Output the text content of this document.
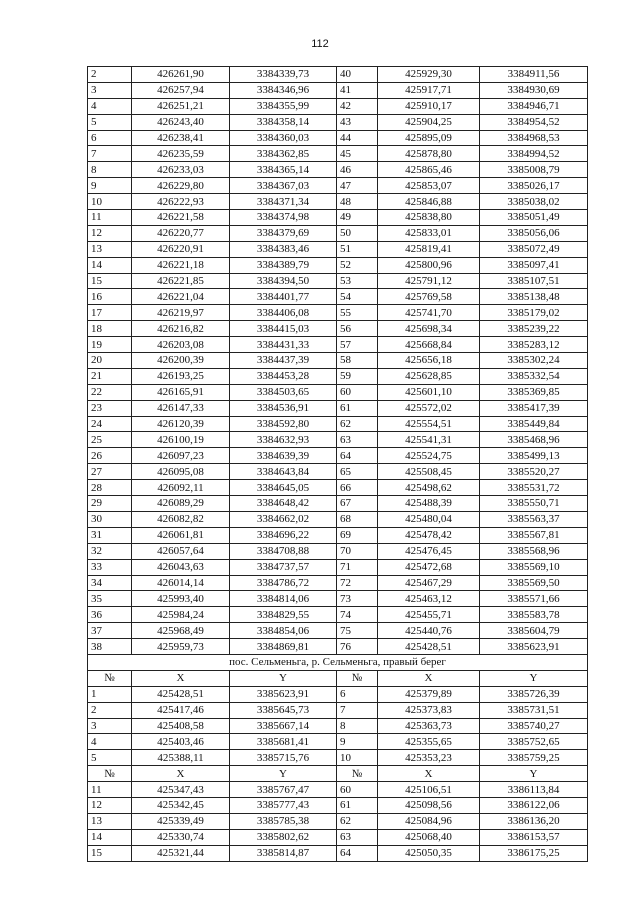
112
2	426261,90	3384339,73	40	425929,30	3384911,56
3	426257,94	3384346,96	41	425917,71	3384930,69
4	426251,21	3384355,99	42	425910,17	3384946,71
5	426243,40	3384358,14	43	425904,25	3384954,52
6	426238,41	3384360,03	44	425895,09	3384968,53
7	426235,59	3384362,85	45	425878,80	3384994,52
8	426233,03	3384365,14	46	425865,46	3385008,79
9	426229,80	3384367,03	47	425853,07	3385026,17
10	426222,93	3384371,34	48	425846,88	3385038,02
11	426221,58	3384374,98	49	425838,80	3385051,49
12	426220,77	3384379,69	50	425833,01	3385056,06
13	426220,91	3384383,46	51	425819,41	3385072,49
14	426221,18	3384389,79	52	425800,96	3385097,41
15	426221,85	3384394,50	53	425791,12	3385107,51
16	426221,04	3384401,77	54	425769,58	3385138,48
17	426219,97	3384406,08	55	425741,70	3385179,02
18	426216,82	3384415,03	56	425698,34	3385239,22
19	426203,08	3384431,33	57	425668,84	3385283,12
20	426200,39	3384437,39	58	425656,18	3385302,24
21	426193,25	3384453,28	59	425628,85	3385332,54
22	426165,91	3384503,65	60	425601,10	3385369,85
23	426147,33	3384536,91	61	425572,02	3385417,39
24	426120,39	3384592,80	62	425554,51	3385449,84
25	426100,19	3384632,93	63	425541,31	3385468,96
26	426097,23	3384639,39	64	425524,75	3385499,13
27	426095,08	3384643,84	65	425508,45	3385520,27
28	426092,11	3384645,05	66	425498,62	3385531,72
29	426089,29	3384648,42	67	425488,39	3385550,71
30	426082,82	3384662,02	68	425480,04	3385563,37
31	426061,81	3384696,22	69	425478,42	3385567,81
32	426057,64	3384708,88	70	425476,45	3385568,96
33	426043,63	3384737,57	71	425472,68	3385569,10
34	426014,14	3384786,72	72	425467,29	3385569,50
35	425993,40	3384814,06	73	425463,12	3385571,66
36	425984,24	3384829,55	74	425455,71	3385583,78
37	425968,49	3384854,06	75	425440,76	3385604,79
38	425959,73	3384869,81	76	425428,51	3385623,91
пос. Сельменьга, р. Сельменьга, правый берег					
№	X	Y	№	X	Y
1	425428,51	3385623,91	6	425379,89	3385726,39
2	425417,46	3385645,73	7	425373,83	3385731,51
3	425408,58	3385667,14	8	425363,73	3385740,27
4	425403,46	3385681,41	9	425355,65	3385752,65
5	425388,11	3385715,76	10	425353,23	3385759,25
№	X	Y	№	X	Y
11	425347,43	3385767,47	60	425106,51	3386113,84
12	425342,45	3385777,43	61	425098,56	3386122,06
13	425339,49	3385785,38	62	425084,96	3386136,20
14	425330,74	3385802,62	63	425068,40	3386153,57
15	425321,44	3385814,87	64	425050,35	3386175,25
